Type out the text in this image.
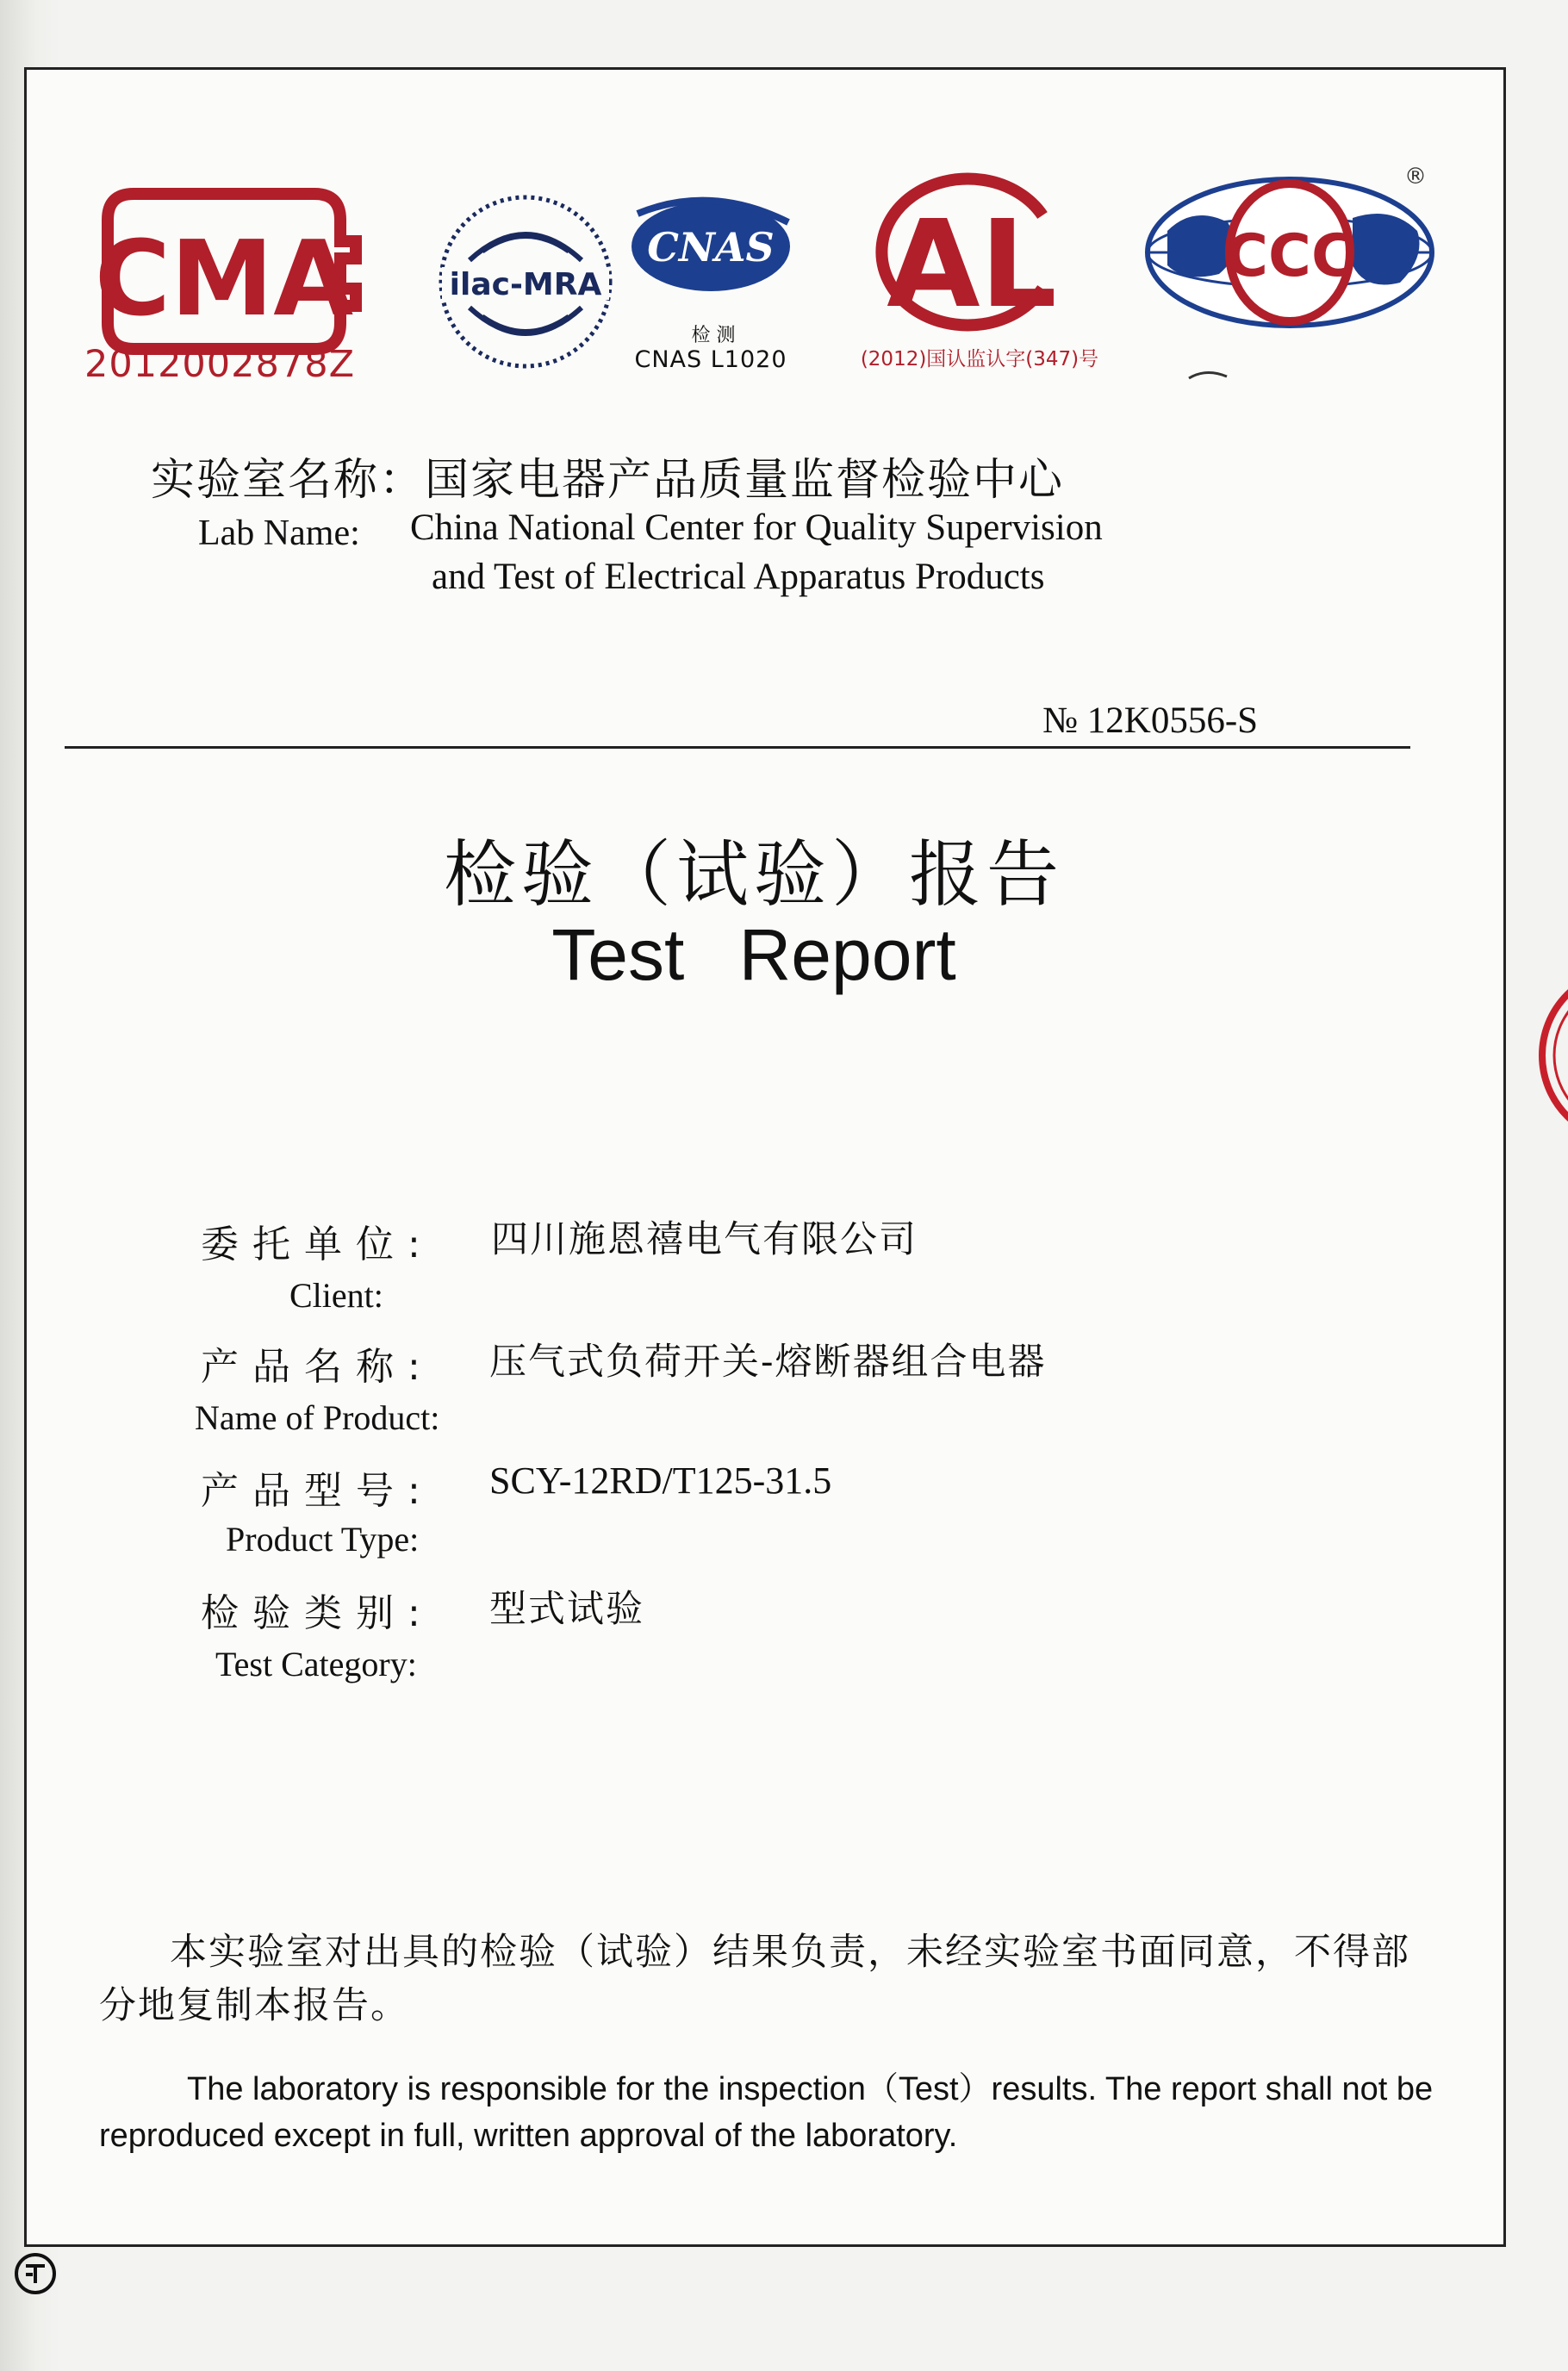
CMA
2012002878Z
ilac-MRA
CNAS
检 测
CNAS L1020
AL
(2012)国认监认字(347)号
CCC
®
实验室名称：国家电器产品质量监督检验中心
Lab Name: China National Center for Quality Supervision
and Test of Electrical Apparatus Products
№ 12K0556-S
检验（试验）报告
Test Report
委托单位: 四川施恩禧电气有限公司
Client:
产品名称: 压气式负荷开关-熔断器组合电器
Name of Product:
产品型号: SCY-12RD/T125-31.5
Product Type:
检验类别: 型式试验
Test Category:
本实验室对出具的检验（试验）结果负责，未经实验室书面同意，不得部分地复制本报告。
The laboratory is responsible for the inspection（Test）results. The report shall not be reproduced except in full, written approval of the laboratory.
